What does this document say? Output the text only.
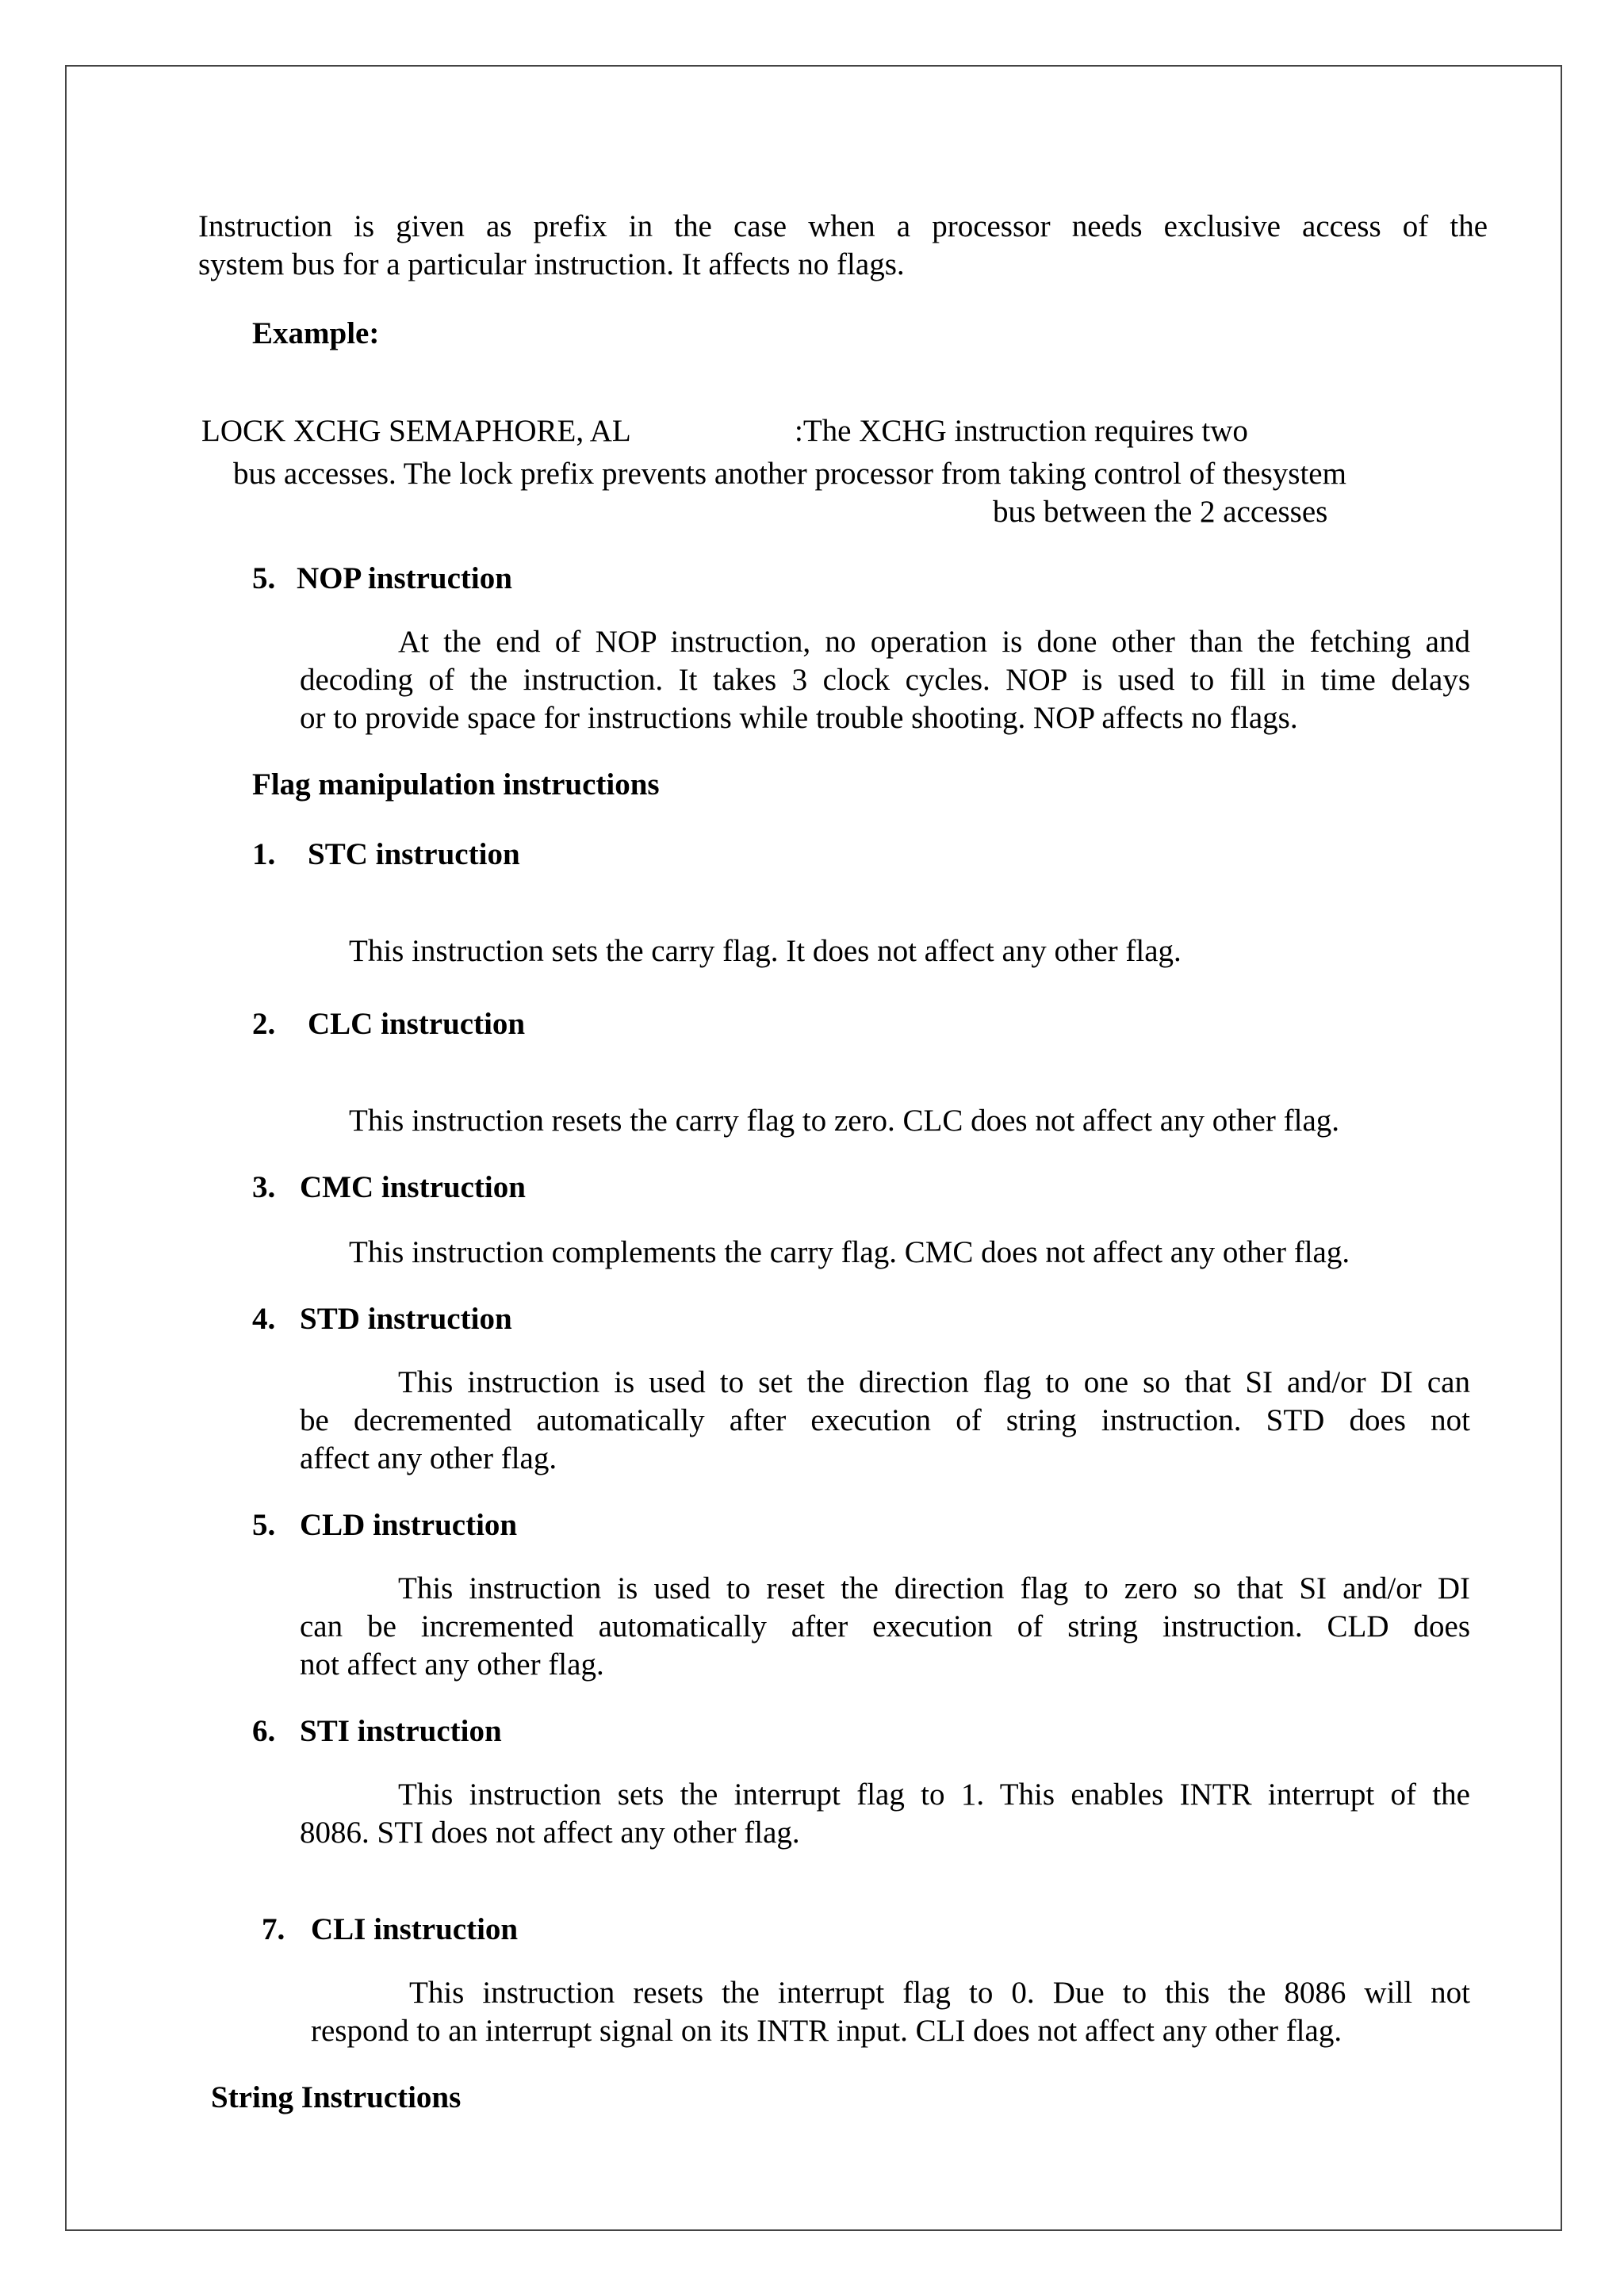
Instruction is given as prefix in the case when a processor needs exclusive access of the

system bus for a particular instruction. It affects no flags.

Example:

LOCK XCHG SEMAPHORE, AL	:The XCHG instruction requires two

bus accesses. The lock prefix prevents another processor from taking control of thesystem

bus between the 2 accesses

5. NOP instruction

At the end of NOP instruction, no operation is done other than the fetching and

decoding of the instruction. It takes 3 clock cycles. NOP is used to fill in time delays

or to provide space for instructions while trouble shooting. NOP affects no flags.

Flag manipulation instructions

1. STC instruction

This instruction sets the carry flag. It does not affect any other flag.

2. CLC instruction

This instruction resets the carry flag to zero. CLC does not affect any other flag.

3. CMC instruction

This instruction complements the carry flag. CMC does not affect any other flag.

4. STD instruction

This instruction is used to set the direction flag to one so that SI and/or DI can

be decremented automatically after execution of string instruction. STD does not

affect any other flag.

5. CLD instruction

This instruction is used to reset the direction flag to zero so that SI and/or DI

can be incremented automatically after execution of string instruction. CLD does

not affect any other flag.

6. STI instruction

This instruction sets the interrupt flag to 1. This enables INTR interrupt of the

8086. STI does not affect any other flag.

7. CLI instruction

This instruction resets the interrupt flag to 0. Due to this the 8086 will not

respond to an interrupt signal on its INTR input. CLI does not affect any other flag.

String Instructions
